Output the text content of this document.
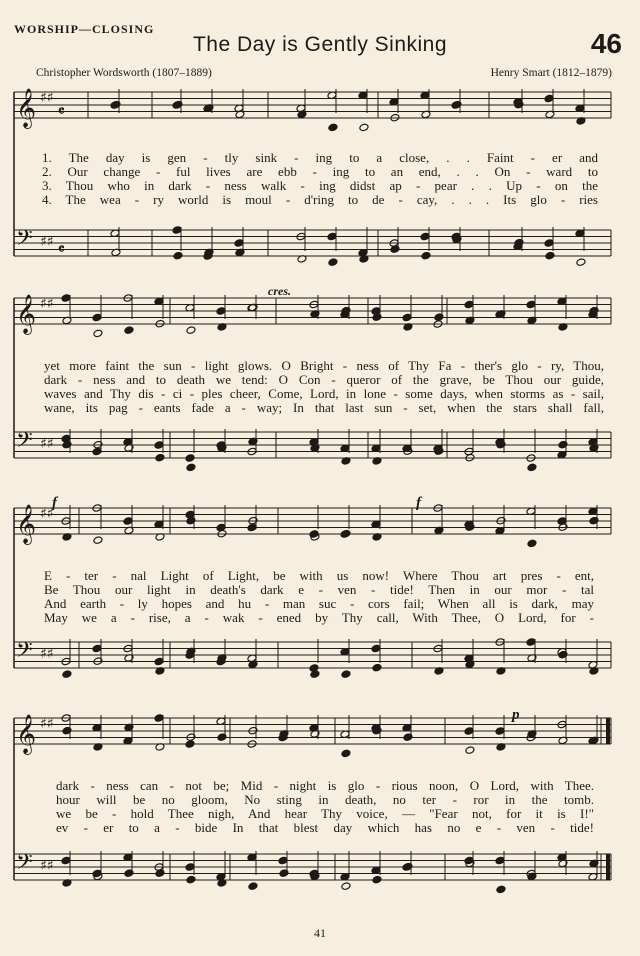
WORSHIP—CLOSING
The Day is Gently Sinking	46
Christopher Wordsworth (1807–1889)	Henry Smart (1812–1879)
𝄞 ♯♯
𝄴
𝄢 ♯♯ 𝄴
𝄞 ♯♯
𝄢 ♯♯
𝄞 ♯♯
𝄢 ♯♯
𝄞 ♯♯
𝄢 ♯♯
1. The day is gen - tly sink - ing to a close, . . Faint - er and
2. Our change - ful lives are ebb - ing to an end, . . On - ward to
3. Thou who in dark - ness walk - ing didst ap - pear . . Up - on the
4. The wea - ry world is moul - d'ring to de - cay, . . . Its glo - ries
yet more faint the sun - light glows. O Bright - ness of Thy Fa - ther's glo - ry, Thou,
dark - ness and to death we tend: O Con - queror of the grave, be Thou our guide,
waves and Thy dis - ci - ples cheer, Come, Lord, in lone - some days, when storms as - sail,
wane, its pag - eants fade a - way; In that last sun - set, when the stars shall fall,
E - ter - nal Light of Light, be with us now! Where Thou art pres - ent,
Be Thou our light in death's dark e - ven - tide! Then in our mor - tal
And earth - ly hopes and hu - man suc - cors fail; When all is dark, may
May we a - rise, a - wak - ened by Thy call, With Thee, O Lord, for -
dark - ness can - not be; Mid - night is glo - rious noon, O Lord, with Thee.
hour will be no gloom, No sting in death, no ter - ror in the tomb.
we be - hold Thee nigh, And hear Thy voice, — "Fear not, for it is I!"
ev - er to a - bide In that blest day which has no e - ven - tide!
cres.
f	f
p
41
